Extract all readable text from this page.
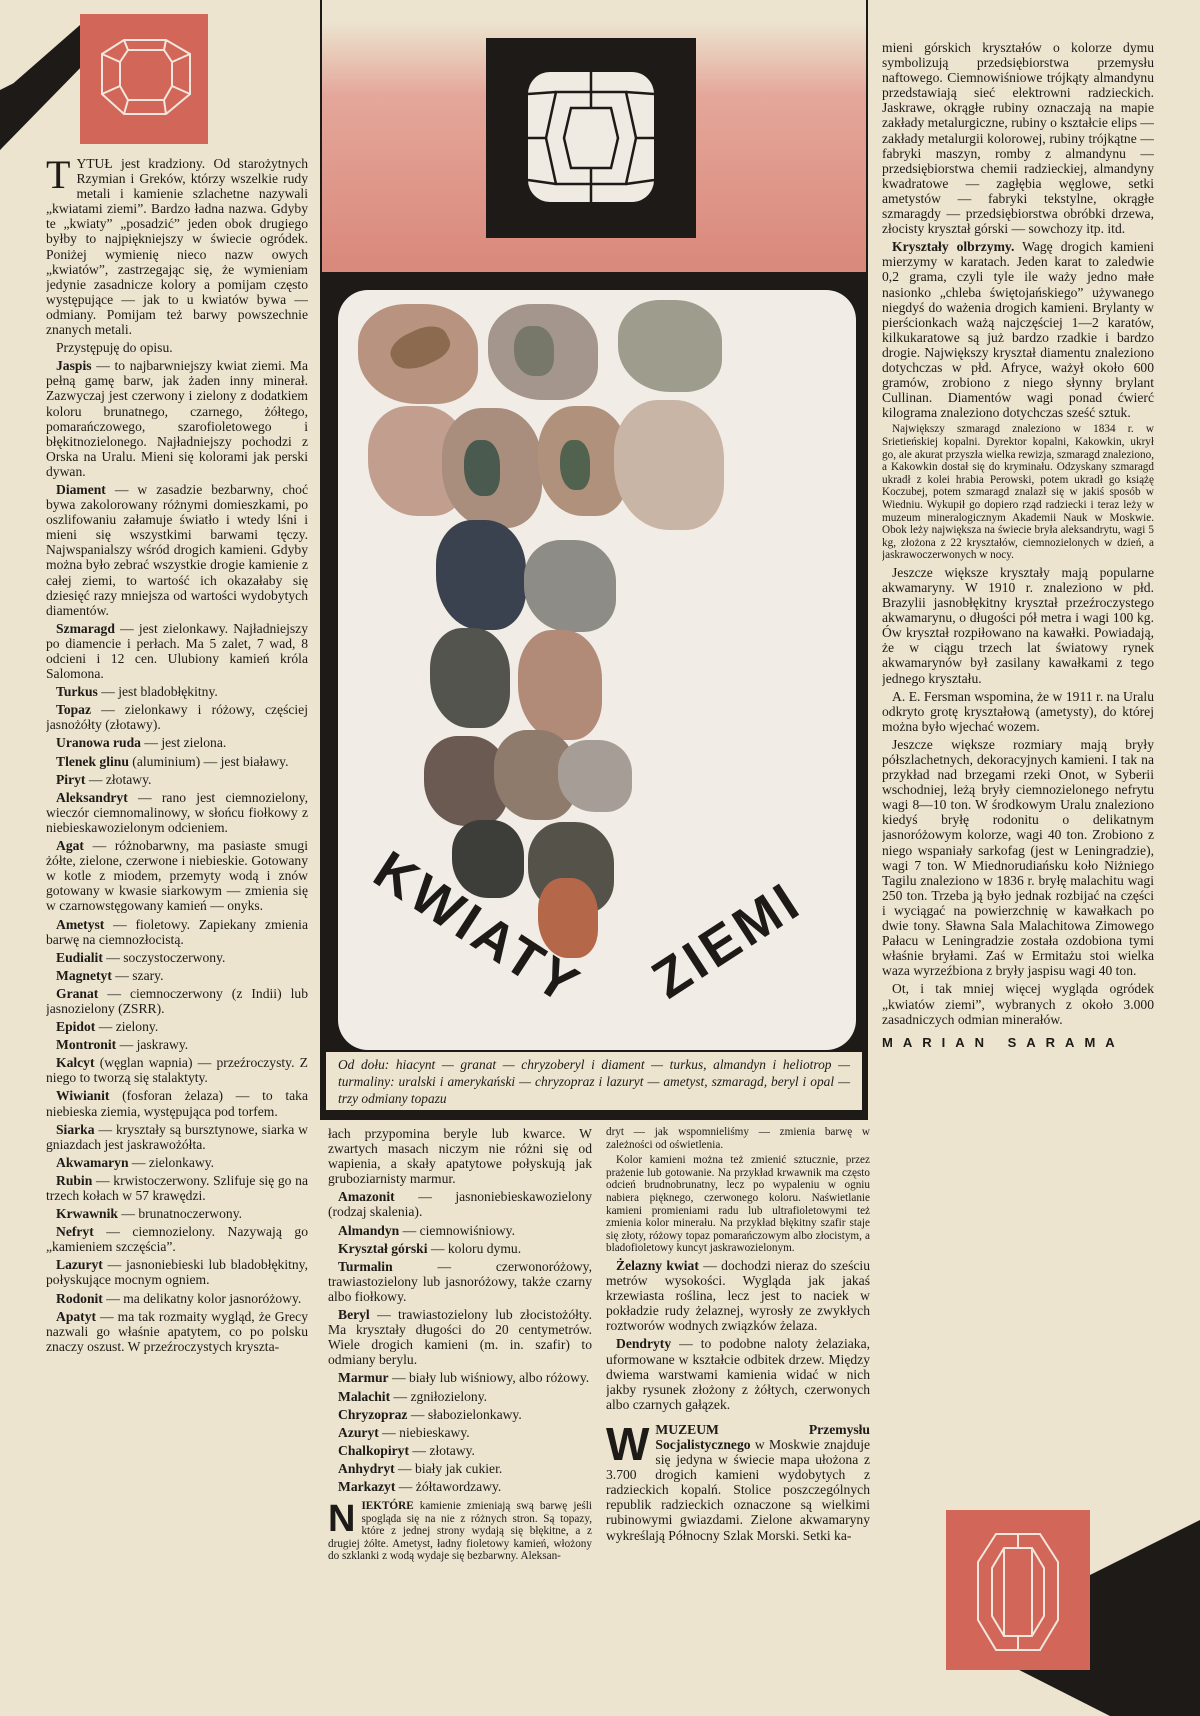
KWIATY ZIEMI
Od dołu: hiacynt — granat — chryzoberyl i diament — turkus, almandyn i heliotrop — turmaliny: uralski i amerykański — chryzopraz i lazuryt — ametyst, szmaragd, beryl i opal — trzy odmiany topazu

TYTUŁ jest kradziony. Od starożytnych Rzymian i Greków, którzy wszelkie rudy metali i kamienie szlachetne nazywali „kwiatami ziemi”. Bardzo ładna nazwa. Gdyby te „kwiaty” „posadzić” jeden obok drugiego byłby to najpiękniejszy w świecie ogródek. Poniżej wymienię nieco nazw owych „kwiatów”, zastrzegając się, że wymieniam jedynie zasadnicze kolory a pomijam często występujące — jak to u kwiatów bywa — odmiany. Pomijam też barwy powszechnie znanych metali.

Przystępuję do opisu.

Jaspis — to najbarwniejszy kwiat ziemi. Ma pełną gamę barw, jak żaden inny minerał. Zazwyczaj jest czerwony i zielony z dodatkiem koloru brunatnego, czarnego, żółtego, pomarańczowego, szarofioletowego i błękitnozielonego. Najładniejszy pochodzi z Orska na Uralu. Mieni się kolorami jak perski dywan.

Diament — w zasadzie bezbarwny, choć bywa zakolorowany różnymi domieszkami, po oszlifowaniu załamuje światło i wtedy lśni i mieni się wszystkimi barwami tęczy. Najwspanialszy wśród drogich kamieni. Gdyby można było zebrać wszystkie drogie kamienie z całej ziemi, to wartość ich okazałaby się dziesięć razy mniejsza od wartości wydobytych diamentów.

Szmaragd — jest zielonkawy. Najładniejszy po diamencie i perłach. Ma 5 zalet, 7 wad, 8 odcieni i 12 cen. Ulubiony kamień króla Salomona.

Turkus — jest bladobłękitny.

Topaz — zielonkawy i różowy, częściej jasnożółty (złotawy).

Uranowa ruda — jest zielona.

Tlenek glinu (aluminium) — jest białawy.

Piryt — złotawy.

Aleksandryt — rano jest ciemnozielony, wieczór ciemnomalinowy, w słońcu fiołkowy z niebieskawozielonym odcieniem.

Agat — różnobarwny, ma pasiaste smugi żółte, zielone, czerwone i niebieskie. Gotowany w kotle z miodem, przemyty wodą i znów gotowany w kwasie siarkowym — zmienia się w czarnowstęgowany kamień — onyks.

Ametyst — fioletowy. Zapiekany zmienia barwę na ciemnozłocistą.

Eudialit — soczystoczerwony.

Magnetyt — szary.

Granat — ciemnoczerwony (z Indii) lub jasnozielony (ZSRR).

Epidot — zielony.

Montronit — jaskrawy.

Kalcyt (węglan wapnia) — przeźroczysty. Z niego to tworzą się stalaktyty.

Wiwianit (fosforan żelaza) — to taka niebieska ziemia, występująca pod torfem.

Siarka — kryształy są bursztynowe, siarka w gniazdach jest jaskrawożółta.

Akwamaryn — zielonkawy.

Rubin — krwistoczerwony. Szlifuje się go na trzech kołach w 57 krawędzi.

Krwawnik — brunatnoczerwony.

Nefryt — ciemnozielony. Nazywają go „kamieniem szczęścia”.

Lazuryt — jasnoniebieski lub bladobłękitny, połyskujące mocnym ogniem.

Rodonit — ma delikatny kolor jasnoróżowy.

Apatyt — ma tak rozmaity wygląd, że Grecy nazwali go właśnie apatytem, co po polsku znaczy oszust. W przeźroczystych kryszta-

łach przypomina beryle lub kwarce. W zwartych masach niczym nie różni się od wapienia, a skały apatytowe połyskują jak gruboziarnisty marmur.

Amazonit — jasnoniebieskawozielony (rodzaj skalenia).

Almandyn — ciemnowiśniowy.

Kryształ górski — koloru dymu.

Turmalin — czerwonoróżowy, trawiastozielony lub jasnoróżowy, także czarny albo fiołkowy.

Beryl — trawiastozielony lub złocistożółty. Ma kryształy długości do 20 centymetrów. Wiele drogich kamieni (m. in. szafir) to odmiany berylu.

Marmur — biały lub wiśniowy, albo różowy.

Malachit — zgniłozielony.

Chryzopraz — słabozielonkawy.

Azuryt — niebieskawy.

Chalkopiryt — złotawy.

Anhydryt — biały jak cukier.

Markazyt — żółtawordzawy.

NIEKTÓRE kamienie zmieniają swą barwę jeśli spogląda się na nie z różnych stron. Są topazy, które z jednej strony wydają się błękitne, a z drugiej żółte. Ametyst, ładny fioletowy kamień, włożony do szklanki z wodą wydaje się bezbarwny. Aleksan-

dryt — jak wspomnieliśmy — zmienia barwę w zależności od oświetlenia.

Kolor kamieni można też zmienić sztucznie, przez prażenie lub gotowanie. Na przykład krwawnik ma często odcień brudnobrunatny, lecz po wypaleniu w ogniu nabiera pięknego, czerwonego koloru. Naświetlanie kamieni promieniami radu lub ultrafioletowymi też zmienia kolor minerału. Na przykład błękitny szafir staje się złoty, różowy topaz pomarańczowym albo złocistym, a bladofioletowy kuncyt jaskrawozielonym.

Żelazny kwiat — dochodzi nieraz do sześciu metrów wysokości. Wygląda jak jakaś krzewiasta roślina, lecz jest to naciek w pokładzie rudy żelaznej, wyrosły ze zwykłych roztworów wodnych związków żelaza.

Dendryty — to podobne naloty żelaziaka, uformowane w kształcie odbitek drzew. Między dwiema warstwami kamienia widać w nich jakby rysunek złożony z żółtych, czerwonych albo czarnych gałązek.

WMUZEUM Przemysłu Socjalistycznego w Moskwie znajduje się jedyna w świecie mapa ułożona z 3.700 drogich kamieni wydobytych z radzieckich kopalń. Stolice poszczególnych republik radzieckich oznaczone są wielkimi rubinowymi gwiazdami. Zielone akwamaryny wykreślają Północny Szlak Morski. Setki ka-

mieni górskich kryształów o kolorze dymu symbolizują przedsiębiorstwa przemysłu naftowego. Ciemnowiśniowe trójkąty almandynu przedstawiają sieć elektrowni radzieckich. Jaskrawe, okrągłe rubiny oznaczają na mapie zakłady metalurgiczne, rubiny o kształcie elips — zakłady metalurgii kolorowej, rubiny trójkątne — fabryki maszyn, romby z almandynu — przedsiębiorstwa chemii radzieckiej, almandyny kwadratowe — zagłębia węglowe, setki ametystów — fabryki tekstylne, okrągłe szmaragdy — przedsiębiorstwa obróbki drzewa, złocisty kryształ górski — sowchozy itp. itd.

Kryształy olbrzymy. Wagę drogich kamieni mierzymy w karatach. Jeden karat to zaledwie 0,2 grama, czyli tyle ile waży jedno małe nasionko „chleba świętojańskiego” używanego niegdyś do ważenia drogich kamieni. Brylanty w pierścionkach ważą najczęściej 1—2 karatów, kilkukaratowe są już bardzo rzadkie i bardzo drogie. Największy kryształ diamentu znaleziono dotychczas w płd. Afryce, ważył około 600 gramów, zrobiono z niego słynny brylant Cullinan. Diamentów wagi ponad ćwierć kilograma znaleziono dotychczas sześć sztuk.

Największy szmaragd znaleziono w 1834 r. w Srietieńskiej kopalni. Dyrektor kopalni, Kakowkin, ukrył go, ale akurat przyszła wielka rewizja, szmaragd znaleziono, a Kakowkin dostał się do kryminału. Odzyskany szmaragd ukradł z kolei hrabia Perowski, potem ukradł go książę Koczubej, potem szmaragd znalazł się w jakiś sposób w Wiedniu. Wykupił go dopiero rząd radziecki i teraz leży w muzeum mineralogicznym Akademii Nauk w Moskwie. Obok leży największa na świecie bryła aleksandrytu, wagi 5 kg, złożona z 22 kryształów, ciemnozielonych w dzień, a jaskrawoczerwonych w nocy.

Jeszcze większe kryształy mają popularne akwamaryny. W 1910 r. znaleziono w płd. Brazylii jasnobłękitny kryształ przeźroczystego akwamarynu, o długości pół metra i wagi 100 kg. Ów kryształ rozpiłowano na kawałki. Powiadają, że w ciągu trzech lat światowy rynek akwamarynów był zasilany kawałkami z tego jednego kryształu.

A. E. Fersman wspomina, że w 1911 r. na Uralu odkryto grotę kryształową (ametysty), do której można było wjechać wozem.

Jeszcze większe rozmiary mają bryły półszlachetnych, dekoracyjnych kamieni. I tak na przykład nad brzegami rzeki Onot, w Syberii wschodniej, leżą bryły ciemnozielonego nefrytu wagi 8—10 ton. W środkowym Uralu znaleziono kiedyś bryłę rodonitu o delikatnym jasnoróżowym kolorze, wagi 40 ton. Zrobiono z niego wspaniały sarkofag (jest w Leningradzie), wagi 7 ton. W Miednorudiańsku koło Niżniego Tagilu znaleziono w 1836 r. bryłę malachitu wagi 250 ton. Trzeba ją było jednak rozbijać na części i wyciągać na powierzchnię w kawałkach po dwie tony. Sławna Sala Malachitowa Zimowego Pałacu w Leningradzie została ozdobiona tymi właśnie bryłami. Zaś w Ermitażu stoi wielka waza wyrzeźbiona z bryły jaspisu wagi 40 ton.

Ot, i tak mniej więcej wygląda ogródek „kwiatów ziemi”, wybranych z około 3.000 zasadniczych odmian minerałów.

MARIAN SARAMA
